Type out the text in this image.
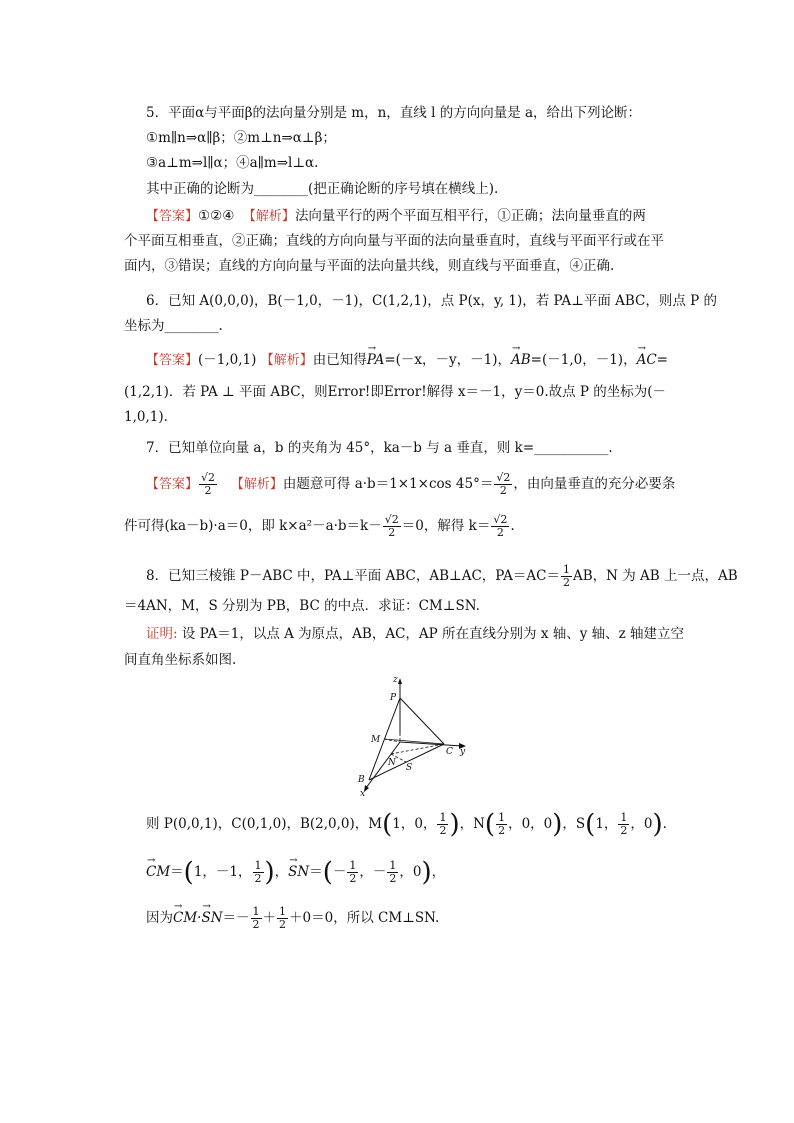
5．平面α与平面β的法向量分别是 m，n，直线 l 的方向向量是 a，给出下列论断：
①m∥n⇒α∥β；②m⊥n⇒α⊥β；
③a⊥m⇒l∥α；④a∥m⇒l⊥α.
其中正确的论断为________(把正确论断的序号填在横线上).
【答案】①②④ 【解析】法向量平行的两个平面互相平行，①正确；法向量垂直的两
个平面互相垂直，②正确；直线的方向向量与平面的法向量垂直时，直线与平面平行或在平
面内，③错误；直线的方向向量与平面的法向量共线，则直线与平面垂直，④正确.
6．已知 A(0,0,0)，B(－1,0，－1)，C(1,2,1)，点 P(x，y, 1)，若 PA⊥平面 ABC，则点 P 的
坐标为________.
【答案】(－1,0,1) 【解析】由已知得→ PA=(－x，－y，－1)，→ AB=(－1,0，－1)，→ AC=
(1,2,1)．若 PA ⊥ 平面 ABC，则Error!即Error!解得 x＝－1，y＝0.故点 P 的坐标为(－
1,0,1).
7．已知单位向量 a，b 的夹角为 45°，ka－b 与 a 垂直，则 k=___________.
【答案】 $\frac{√2}{2}$ 【解析】由题意可得 a·b＝1×1×cos $45^\circ= \frac{√2}{2}$ ，由向量垂直的充分必要条
件可得(ka－b)·a＝0，即 $k\times a^2-a\cdot b=k- \frac{√2}{2} =0$，解得 $k= \frac{√2}{2}$ .
8．已知三棱锥 P－ABC 中，PA⊥平面 ABC，AB⊥AC，$PA=AC= \frac{1}{2}$ AB，N 为 AB 上一点，AB
＝4AN，M，S 分别为 PB，BC 的中点．求证：CM⊥SN.
证明: 设 PA＝1，以点 A 为原点，AB，AC，AP 所在直线分别为 x 轴、y 轴、z 轴建立空
间直角坐标系如图.
z
P
M
N
C y
S
B
x
则 P(0,0,1)，C(0,1,0)，B(2,0,0)，M(1，0， $\frac{1}{2}$ )，$N( \frac{1}{2}$ ，0，0)，S(1， $\frac{1}{2}$ ，0).
→ CM＝(1，－1， $\frac{1}{2}$ )，→ $SN=(- \frac{1}{2}$ ，－ $\frac{1}{2}$ ，0)，
因为→ $CM\cdot\to SN=- \frac{1}{2} + \frac{1}{2} +0=0$，所以 CM⊥SN.
